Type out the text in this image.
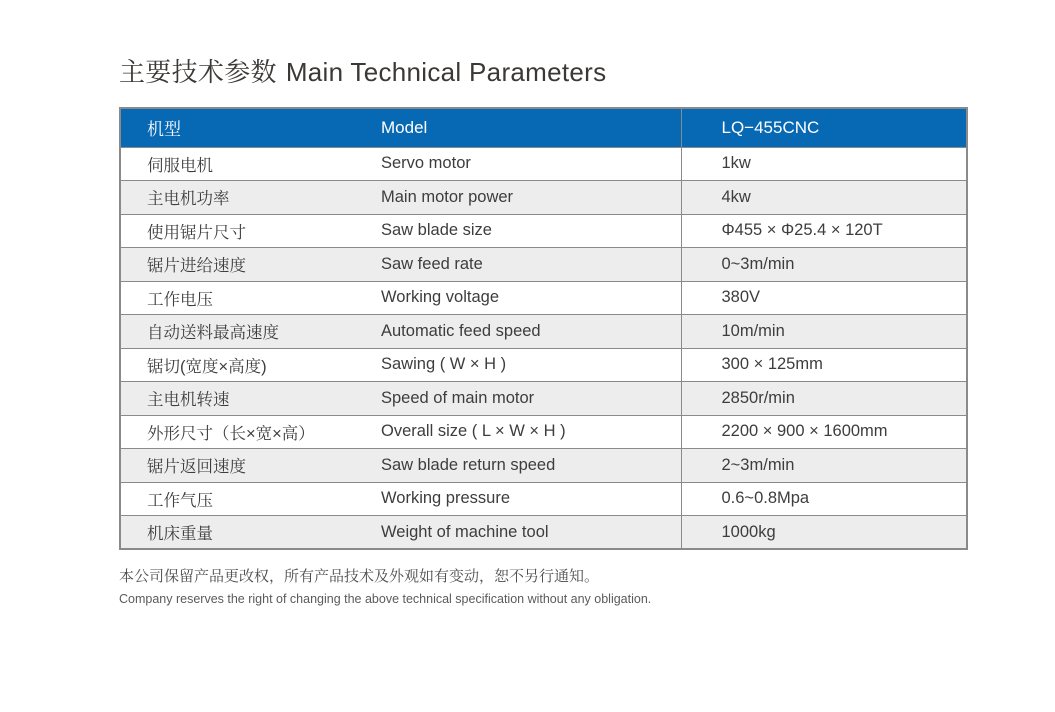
主要技术参数 Main Technical Parameters
机型	Model	LQ−455CNC
伺服电机	Servo motor	1kw
主电机功率	Main motor power	4kw
使用锯片尺寸	Saw blade size	Φ455 × Φ25.4 × 120T
锯片进给速度	Saw feed rate	0~3m/min
工作电压	Working voltage	380V
自动送料最高速度	Automatic feed speed	10m/min
锯切(宽度×高度)	Sawing ( W × H )	300 × 125mm
主电机转速	Speed of main motor	2850r/min
外形尺寸（长×宽×高）	Overall size ( L × W × H )	2200 × 900 × 1600mm
锯片返回速度	Saw blade return speed	2~3m/min
工作气压	Working pressure	0.6~0.8Mpa
机床重量	Weight of machine tool	1000kg

本公司保留产品更改权，所有产品技术及外观如有变动，恕不另行通知。

Company reserves the right of changing the above technical specification without any obligation.
